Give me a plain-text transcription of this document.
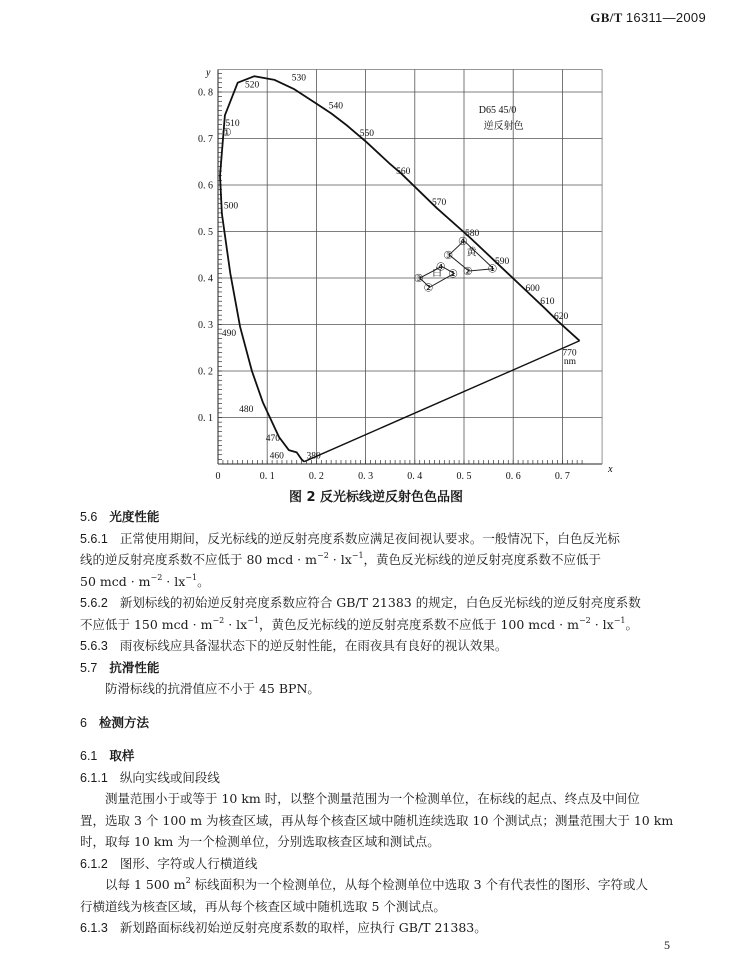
GB/T 16311—2009
0	0. 1	0. 2	0. 3	0. 4	0. 5	0. 6	0. 7
0. 1
0. 2
0. 3
0. 4
0. 5
0. 6
0. 7
0. 8
x
y
380
460
470
480
490
500
510
520
530
540
550
560
570
580
590
600
610
620
770
nm
①
白 ①
②
③
④
黄
①
②
③
④
D65 45/0
逆反射色
图 2 反光标线逆反射色色品图
5.6 光度性能
5.6.1 正常使用期间，反光标线的逆反射亮度系数应满足夜间视认要求。一般情况下，白色反光标
线的逆反射亮度系数不应低于 80 mcd · $m^{-2} \cdot lx^{-1}$，黄色反光标线的逆反射亮度系数不应低于
50 mcd · $m^{-2} \cdot lx^{-1}$。
5.6.2 新划标线的初始逆反射亮度系数应符合 GB/T 21383 的规定，白色反光标线的逆反射亮度系数
不应低于 150 mcd · $m^{-2} \cdot lx^{-1}$，黄色反光标线的逆反射亮度系数不应低于 100 mcd · $m^{-2} \cdot lx^{-1}$。
5.6.3 雨夜标线应具备湿状态下的逆反射性能，在雨夜具有良好的视认效果。
5.7 抗滑性能
防滑标线的抗滑值应不小于 45 BPN。
6 检测方法
6.1 取样
6.1.1 纵向实线或间段线
测量范围小于或等于 10 km 时，以整个测量范围为一个检测单位，在标线的起点、终点及中间位
置，选取 3 个 100 m 为核查区域，再从每个核查区域中随机连续选取 10 个测试点；测量范围大于 10 km
时，取每 10 km 为一个检测单位，分别选取核查区域和测试点。
6.1.2 图形、字符或人行横道线
以每 1 500 $m^2$ 标线面积为一个检测单位，从每个检测单位中选取 3 个有代表性的图形、字符或人
行横道线为核查区域，再从每个核查区域中随机选取 5 个测试点。
6.1.3 新划路面标线初始逆反射亮度系数的取样，应执行 GB/T 21383。
5
